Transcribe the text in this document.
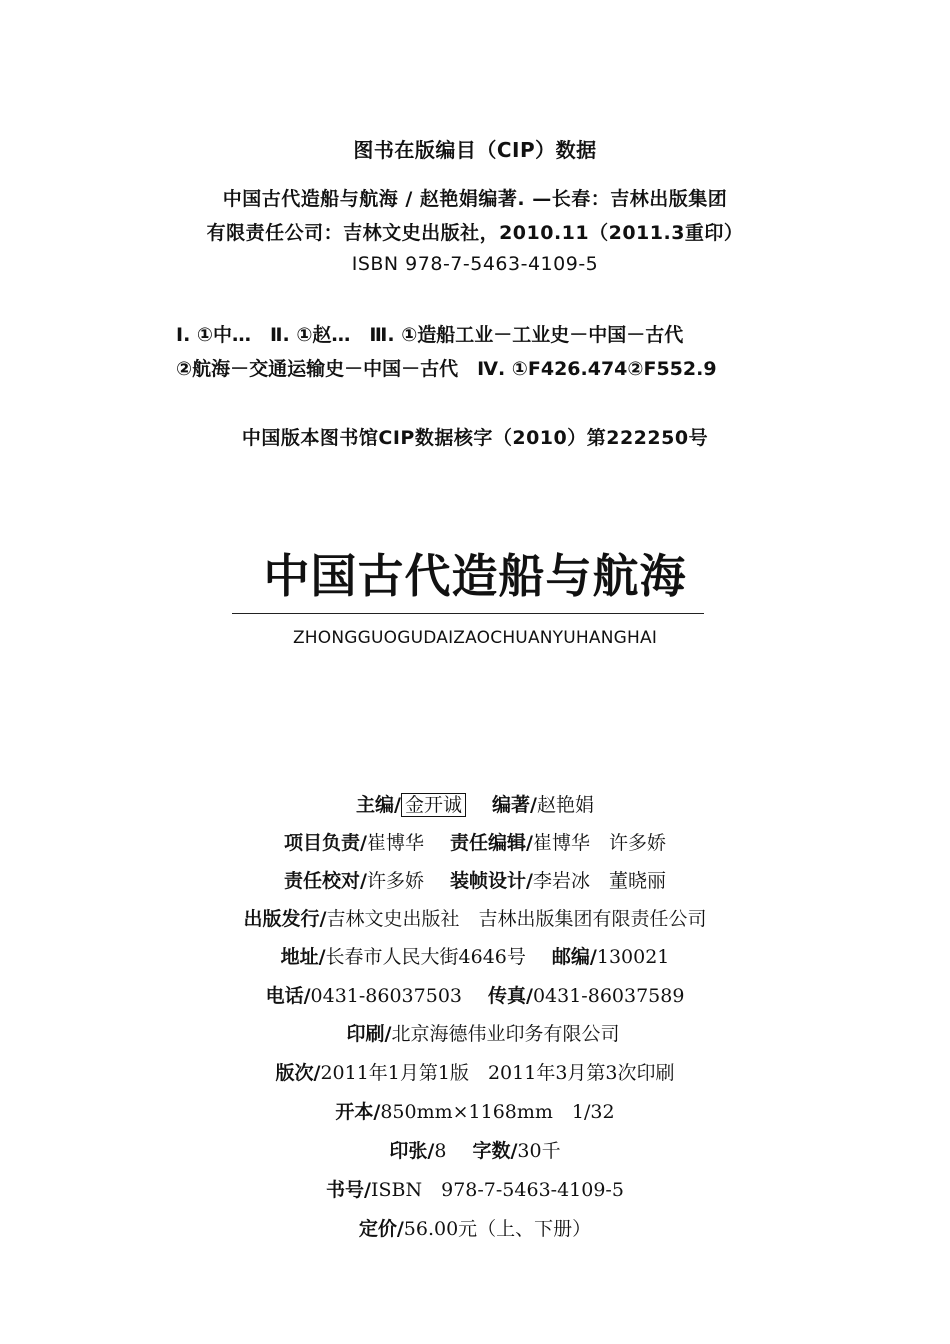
图书在版编目（CIP）数据
中国古代造船与航海 / 赵艳娟编著. —长春：吉林出版集团
有限责任公司：吉林文史出版社，2010.11（2011.3重印）
ISBN 978-7-5463-4109-5
Ⅰ. ①中…　Ⅱ. ①赵…　Ⅲ. ①造船工业－工业史－中国－古代
②航海－交通运输史－中国－古代　Ⅳ. ①F426.474②F552.9
中国版本图书馆CIP数据核字（2010）第222250号
中国古代造船与航海
ZHONGGUOGUDAIZAOCHUANYUHANGHAI
主编/ 金开诚 编著/赵艳娟
项目负责/崔博华 责任编辑/崔博华　许多娇
责任校对/许多娇 装帧设计/李岩冰　董晓丽
出版发行/吉林文史出版社　吉林出版集团有限责任公司
地址/长春市人民大街4646号 邮编/130021
电话/0431-86037503 传真/0431-86037589
印刷/北京海德伟业印务有限公司
版次/2011年1月第1版　2011年3月第3次印刷
开本/850mm×1168mm　1/32
印张/8 字数/30千
书号/ISBN　978-7-5463-4109-5
定价/56.00元（上、下册）
